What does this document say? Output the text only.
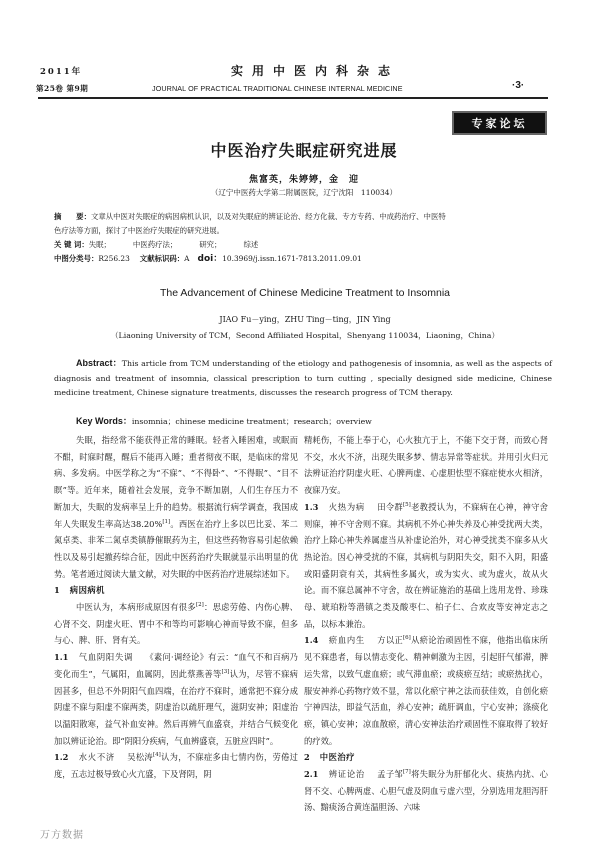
2011年
第25卷 第9期
实用中医内科杂志
JOURNAL OF PRACTICAL TRADITIONAL CHINESE INTERNAL MEDICINE	·3·
专家论坛
中医治疗失眠症研究进展
焦富英，朱婷婷，金　迎
（辽宁中医药大学第二附属医院，辽宁沈阳　110034）
摘　　要：文章从中医对失眠症的病因病机认识，以及对失眠症的辨证论治、经方化裁、专方专药、中成药治疗、中医特
色疗法等方面，探讨了中医治疗失眠症的研究进展。
关 键 词：失眠；	中医药疗法；	研究；	综述
中图分类号：R256.23 文献标识码：A doi：10.3969/j.issn.1671-7813.2011.09.01
The Advancement of Chinese Medicine Treatment to Insomnia
JIAO Fu－ying，ZHU Ting－ting，JIN Ying
（Liaoning University of TCM，Second Affiliated Hospital，Shenyang 110034，Liaoning，China）

Abstract：This article from TCM understanding of the etiology and pathogenesis of insomnia, as well as the aspects of diagnosis and treatment of insomnia, classical prescription to turn cutting , specially designed side medicine, Chinese medicine treatment, Chinese signature treatments, discusses the research progress of TCM therapy.

Key Words：insomnia；chinese medicine treatment；research；overview

失眠，指经常不能获得正常的睡眠。轻者入睡困难，或眠而不酣，时寐时醒，醒后不能再入睡；重者彻夜不眠，是临床的常见病、多发病。中医学称之为“不寐”、“不得卧”、“不得眠”、“目不瞑”等。近年来，随着社会发展，竞争不断加剧，人们生存压力不断加大，失眠的发病率呈上升的趋势。根据流行病学调查，我国成年人失眠发生率高达38.20%[1]。西医在治疗上多以巴比妥、苯二氮卓类、非苯二氮卓类镇静催眠药为主，但这些药物容易引起依赖性以及易引起撤药综合征，因此中医药治疗失眠就显示出明显的优势。笔者通过阅读大量文献，对失眠的中医药治疗进展综述如下。

1 病因病机

中医认为，本病形成原因有很多[2]：思虑劳倦、内伤心脾、心肾不交、阴虚火旺、胃中不和等均可影响心神而导致不寐，但多与心、脾、肝、肾有关。

1.1 气血阴阳失调 《素问·调经论》有云：“血气不和百病乃变化而生”，气属阳，血属阴，因此蔡燕善等[3]认为，尽管不寐病因甚多，但总不外阴阳气血四端，在治疗不寐时，通常把不寐分成阴虚不寐与阳虚不寐两类，阴虚治以疏肝理气，滋阴安神；阳虚治以温阳散寒，益气补血安神。然后再辨气血盛衰，并结合气候变化加以辨证论治。即“阴阳分疾病，气血辨盛衰，五脏应四时”。

1.2 水火不济 吴松涛[4]认为，不寐症多由七情内伤，劳倦过度，五志过极导致心火亢盛，下及肾阴，阴

精耗伤，不能上奉于心，心火独亢于上，不能下交于肾，而致心肾不交，水火不济，出现失眠多梦、情志异常等症状。并用引火归元法辨证治疗阴虚火旺、心脾两虚、心虚胆怯型不寐症使水火相济，夜寐乃安。

1.3 火热为病 田令群[5]老教授认为，不寐病在心神，神守舍则寐，神不守舍则不寐。其病机不外心神失养及心神受扰两大类，治疗上除心神失养属虚当从补虚论治外，对心神受扰类不寐多从火热论治。因心神受扰的不寐，其病机与阴阳失交，阳不入阴，阳盛或阳盛阴衰有关，其病性多属火，或为实火、或为虚火，故从火论。而不寐总属神不守舍，故在辨证施治的基础上选用龙骨、珍珠母、琥珀粉等潜镇之类及酸枣仁、柏子仁、合欢皮等安神定志之品，以标本兼治。

1.4 瘀血内生 方以正[6]从瘀论治顽固性不寐，他指出临床所见不寐患者，每以情志变化、精神刺激为主因，引起肝气郁滞，脾运失常，以致气虚血瘀；或气滞血瘀；或痰瘀互结；或瘀热扰心，服安神养心药物疗效不显，常以化瘀宁神之法而获佳效，自创化瘀宁神四法，即益气活血，养心安神；疏肝调血，宁心安神；涤痰化瘀，镇心安神；凉血散瘀，清心安神法治疗顽固性不寐取得了较好的疗效。

2 中医治疗

2.1 辨证论治 孟子邹[7]将失眠分为肝郁化火、痰热内扰、心肾不交、心脾两虚、心胆气虚及阴血亏虚六型，分别选用龙胆泻肝汤、黯痰汤合黄连温胆汤、六味

万方数据
